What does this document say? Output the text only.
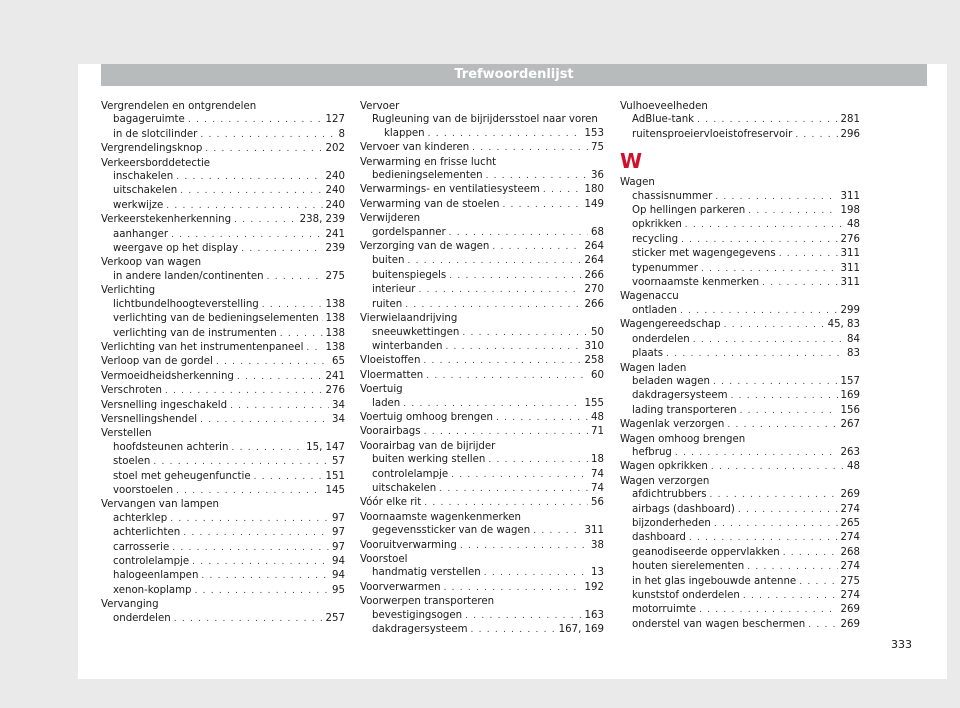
Trefwoordenlijst
Vergrendelen en ontgrendelen
bagageruimte . . .	127
in de slotcilinder . . .	8
Vergrendelingsknop . . .	202
Verkeersborddetectie
inschakelen . . .	240
uitschakelen . . .	240
werkwijze . . .	240
Verkeerstekenherkenning . . .	238, 239
aanhanger . . .	241
weergave op het display . . .	239
Verkoop van wagen
in andere landen/continenten . . .	275
Verlichting
lichtbundelhoogteverstelling . . .	138
verlichting van de bedieningselementen . . . 138
verlichting van de instrumenten . . .	138
Verlichting van het instrumentenpaneel . . . 138
Verloop van de gordel . . .	65
Vermoeidheidsherkenning . . .	241
Verschroten . . .	276
Versnelling ingeschakeld . . .	34
Versnellingshendel . . .	34
Verstellen
hoofdsteunen achterin . . .	15, 147
stoelen . . .	57
stoel met geheugenfunctie . . .	151
voorstoelen . . .	145
Vervangen van lampen
achterklep . . .	97
achterlichten . . .	97
carrosserie . . .	97
controlelampje . . .	94
halogeenlampen . . .	94
xenon-koplamp . . .	95
Vervanging
onderdelen . . .	257
Vervoer
Rugleuning van de bijrijdersstoel naar voren
klappen . . .	153
Vervoer van kinderen . . .	75
Verwarming en frisse lucht
bedieningselementen . . .	36
Verwarmings- en ventilatiesysteem . . .	180
Verwarming van de stoelen . . .	149
Verwijderen
gordelspanner . . .	68
Verzorging van de wagen . . .	264
buiten . . .	264
buitenspiegels . . .	266
interieur . . .	270
ruiten . . .	266
Vierwielaandrijving
sneeuwkettingen . . .	50
winterbanden . . .	310
Vloeistoffen . . .	258
Vloermatten . . .	60
Voertuig
laden . . .	155
Voertuig omhoog brengen . . .	48
Voorairbags . . .	71
Voorairbag van de bijrijder
buiten werking stellen . . .	18
controlelampje . . .	74
uitschakelen . . .	74
Vóór elke rit . . .	56
Voornaamste wagenkenmerken
gegevenssticker van de wagen . . .	311
Vooruitverwarming . . .	38
Voorstoel
handmatig verstellen . . .	13
Voorverwarmen . . .	192
Voorwerpen transporteren
bevestigingsogen . . .	163
dakdragersysteem . . .	167, 169
Vulhoeveelheden
AdBlue-tank . . .	281
ruitensproeiervloeistofreservoir . . .	296
W
Wagen
chassisnummer . . .	311
Op hellingen parkeren . . .	198
opkrikken . . .	48
recycling . . .	276
sticker met wagengegevens . . .	311
typenummer . . .	311
voornaamste kenmerken . . .	311
Wagenaccu
ontladen . . .	299
Wagengereedschap . . .	45, 83
onderdelen . . .	84
plaats . . .	83
Wagen laden
beladen wagen . . .	157
dakdragersysteem . . .	169
lading transporteren . . .	156
Wagenlak verzorgen . . .	267
Wagen omhoog brengen
hefbrug . . .	263
Wagen opkrikken . . .	48
Wagen verzorgen
afdichtrubbers . . .	269
airbags (dashboard) . . .	274
bijzonderheden . . .	265
dashboard . . .	274
geanodiseerde oppervlakken . . .	268
houten sierelementen . . .	274
in het glas ingebouwde antenne . . .	275
kunststof onderdelen . . .	274
motorruimte . . .	269
onderstel van wagen beschermen . . .	269
333
